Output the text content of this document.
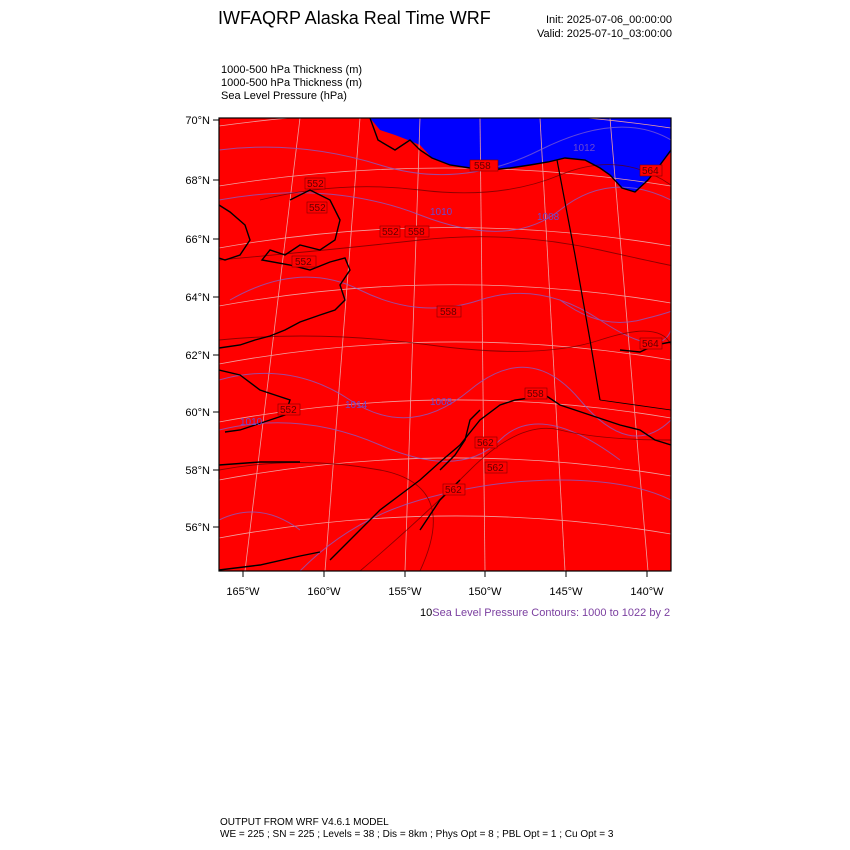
IWFAQRP Alaska Real Time WRF	Init: 2025-07-06_00:00:00
Valid: 2025-07-10_03:00:00
1000-500 hPa Thickness (m)
1000-500 hPa Thickness (m)
Sea Level Pressure (hPa)
552
552
552 558
558
552
558
564
552
558
564
562
562
562
1012
1010	1008
1008
1014
1010
70°N
68°N
66°N
64°N
62°N
60°N
58°N
56°N
165°W	160°W	155°W	150°W	145°W	140°W
10Sea Level Pressure Contours: 1000 to 1022 by 2
OUTPUT FROM WRF V4.6.1 MODEL
WE = 225 ; SN = 225 ; Levels = 38 ; Dis = 8km ; Phys Opt = 8 ; PBL Opt = 1 ; Cu Opt = 3
